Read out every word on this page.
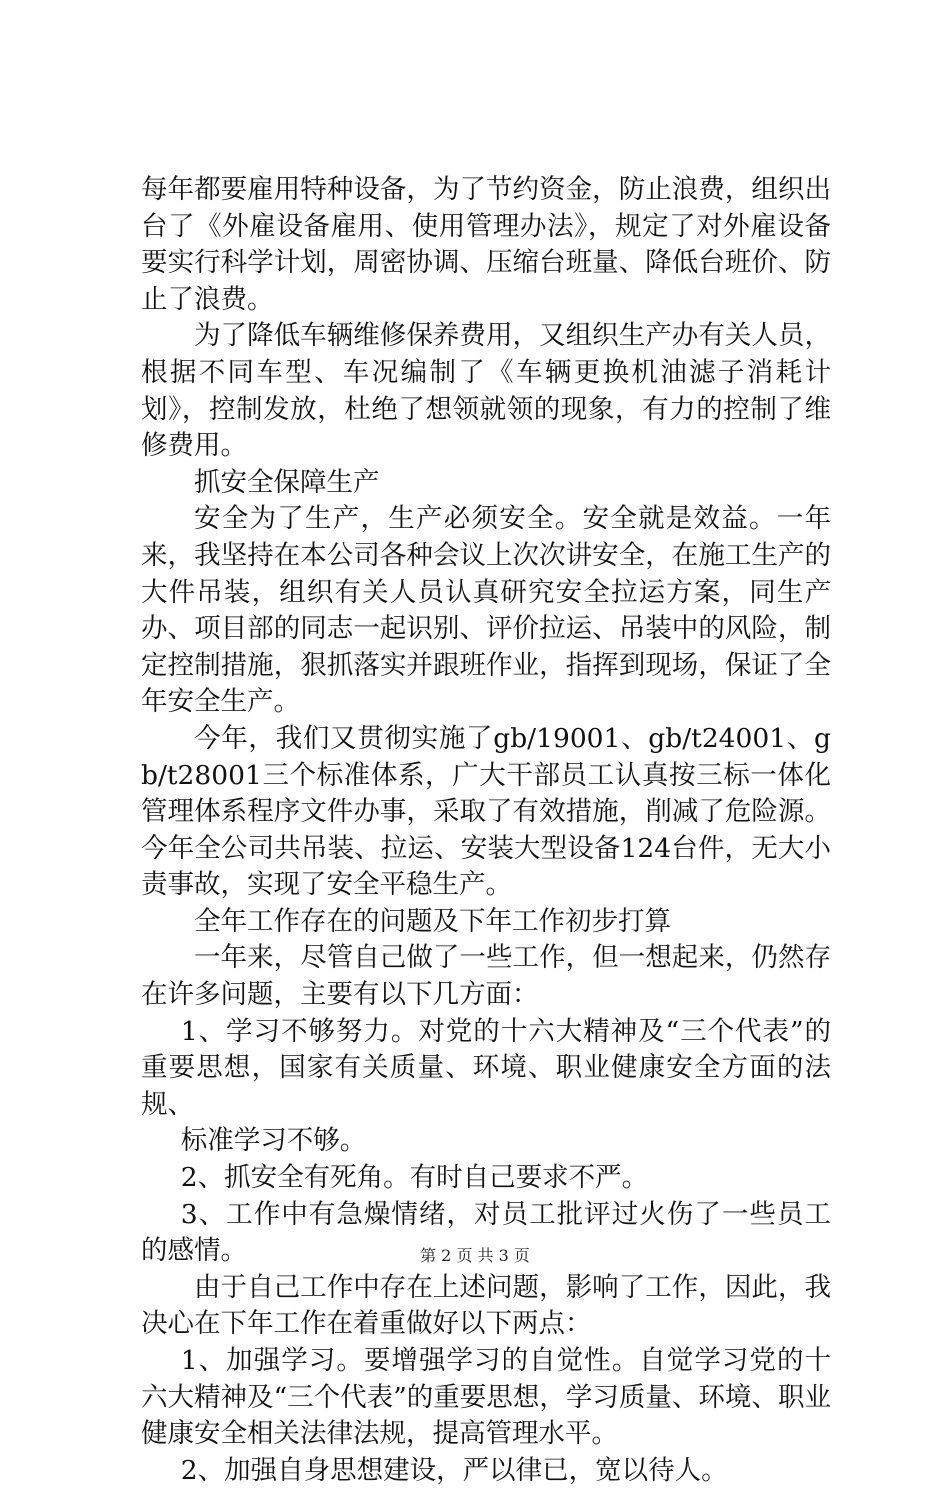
每年都要雇用特种设备，为了节约资金，防止浪费，组织出台了《外雇设备雇用、使用管理办法》，规定了对外雇设备要实行科学计划，周密协调、压缩台班量、降低台班价、防止了浪费。

为了降低车辆维修保养费用，又组织生产办有关人员，根据不同车型、车况编制了《车辆更换机油滤子消耗计划》，控制发放，杜绝了想领就领的现象，有力的控制了维修费用。

抓安全保障生产

安全为了生产，生产必须安全。安全就是效益。一年来，我坚持在本公司各种会议上次次讲安全，在施工生产的大件吊装，组织有关人员认真研究安全拉运方案，同生产办、项目部的同志一起识别、评价拉运、吊装中的风险，制定控制措施，狠抓落实并跟班作业，指挥到现场，保证了全年安全生产。

今年，我们又贯彻实施了gb/19001、gb/t24001、gb/t28001三个标准体系，广大干部员工认真按三标一体化管理体系程序文件办事，采取了有效措施，削减了危险源。今年全公司共吊装、拉运、安装大型设备124台件，无大小责事故，实现了安全平稳生产。

全年工作存在的问题及下年工作初步打算

一年来，尽管自己做了一些工作，但一想起来，仍然存在许多问题，主要有以下几方面：

1、学习不够努力。对党的十六大精神及“三个代表”的重要思想，国家有关质量、环境、职业健康安全方面的法规、

标准学习不够。

2、抓安全有死角。有时自己要求不严。

3、工作中有急燥情绪，对员工批评过火伤了一些员工的感情。

由于自己工作中存在上述问题，影响了工作，因此，我决心在下年工作在着重做好以下两点：

1、加强学习。要增强学习的自觉性。自觉学习党的十六大精神及“三个代表”的重要思想，学习质量、环境、职业健康安全相关法律法规，提高管理水平。

2、加强自身思想建设，严以律已，宽以待人。

第 2 页 共 3 页
